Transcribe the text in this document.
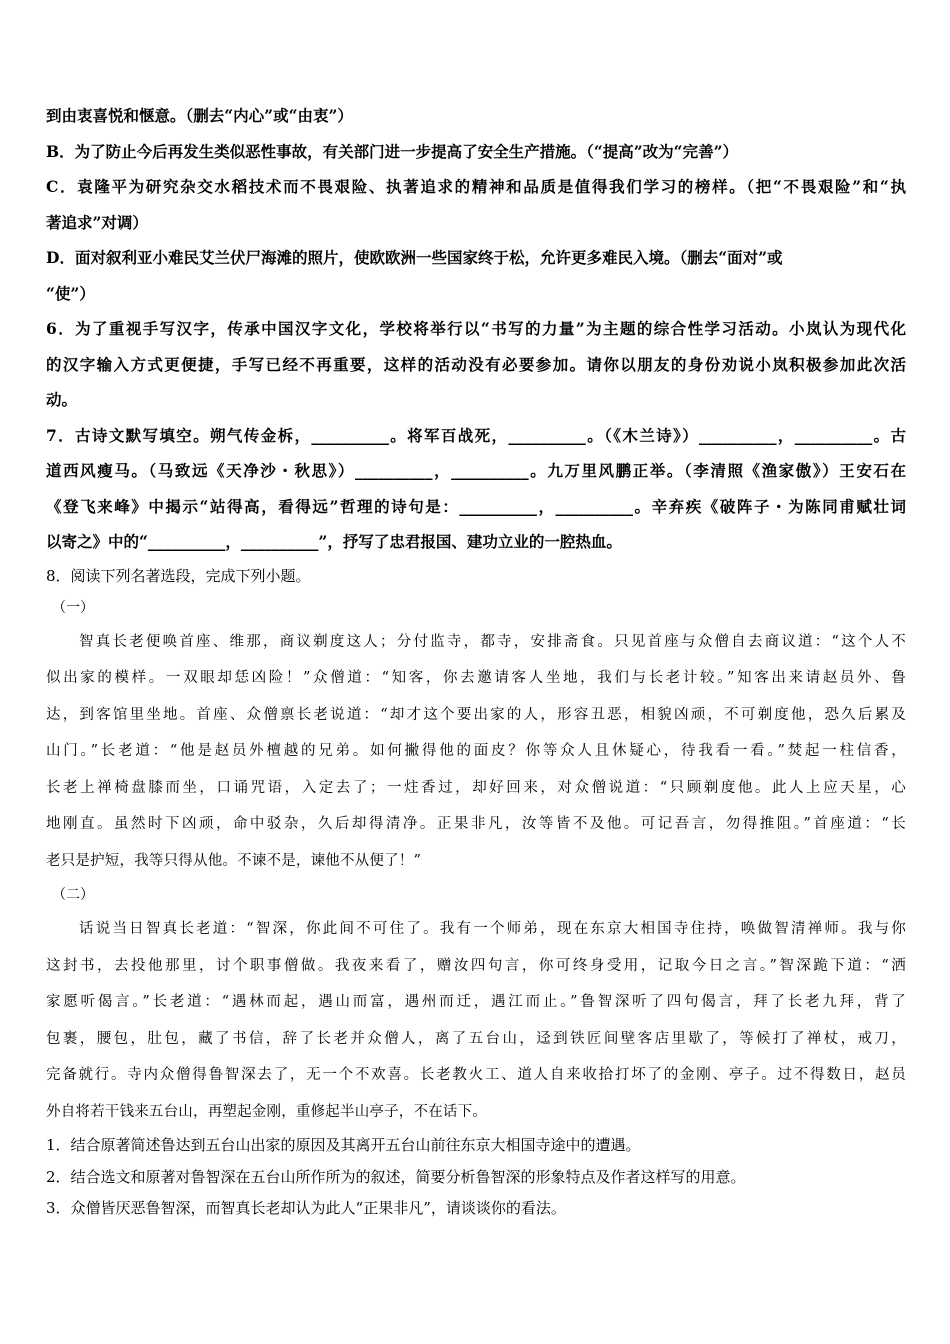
到由衷喜悦和惬意。（删去“内心”或“由衷”）
B．为了防止今后再发生类似恶性事故，有关部门进一步提高了安全生产措施。（“提高”改为“完善”）
C．袁隆平为研究杂交水稻技术而不畏艰险、执著追求的精神和品质是值得我们学习的榜样。（把“不畏艰险”和“执
著追求”对调）
D．面对叙利亚小难民艾兰伏尸海滩的照片，使欧欧洲一些国家终于松，允许更多难民入境。（删去“面对”或
“使”）
6．为了重视手写汉字，传承中国汉字文化，学校将举行以“书写的力量”为主题的综合性学习活动。小岚认为现代化
的汉字输入方式更便捷，手写已经不再重要，这样的活动没有必要参加。请你以朋友的身份劝说小岚积极参加此次活
动。
7．古诗文默写填空。朔气传金柝，__________。将军百战死，__________。（《木兰诗》）__________，__________。古
道西风瘦马。（马致远《天净沙・秋思》）__________，__________。九万里风鹏正举。（李清照《渔家傲》）王安石在
《登飞来峰》中揭示“站得高，看得远”哲理的诗句是：__________，__________。辛弃疾《破阵子・为陈同甫赋壮词
以寄之》中的“__________，__________”，抒写了忠君报国、建功立业的一腔热血。
8．阅读下列名著选段，完成下列小题。
（一）
智真长老便唤首座、维那，商议剃度这人；分付监寺，都寺，安排斋食。只见首座与众僧自去商议道：“这个人不
似出家的模样。一双眼却恁凶险！”众僧道：“知客，你去邀请客人坐地，我们与长老计较。”知客出来请赵员外、鲁
达，到客馆里坐地。首座、众僧禀长老说道：“却才这个要出家的人，形容丑恶，相貌凶顽，不可剃度他，恐久后累及
山门。”长老道：“他是赵员外檀越的兄弟。如何撇得他的面皮？你等众人且休疑心，待我看一看。”焚起一柱信香，
长老上禅椅盘膝而坐，口诵咒语，入定去了；一炷香过，却好回来，对众僧说道：“只顾剃度他。此人上应天星，心
地刚直。虽然时下凶顽，命中驳杂，久后却得清净。正果非凡，汝等皆不及他。可记吾言，勿得推阻。”首座道：“长
老只是护短，我等只得从他。不谏不是，谏他不从便了！”
（二）
话说当日智真长老道：“智深，你此间不可住了。我有一个师弟，现在东京大相国寺住持，唤做智清禅师。我与你
这封书，去投他那里，讨个职事僧做。我夜来看了，赠汝四句言，你可终身受用，记取今日之言。”智深跪下道：“洒
家愿听偈言。”长老道：“遇林而起，遇山而富，遇州而迁，遇江而止。”鲁智深听了四句偈言，拜了长老九拜，背了
包裹，腰包，肚包，藏了书信，辞了长老并众僧人，离了五台山，迳到铁匠间壁客店里歇了，等候打了禅杖，戒刀，
完备就行。寺内众僧得鲁智深去了，无一个不欢喜。长老教火工、道人自来收拾打坏了的金刚、亭子。过不得数日，赵员
外自将若干钱来五台山，再塑起金刚，重修起半山亭子，不在话下。
1．结合原著简述鲁达到五台山出家的原因及其离开五台山前往东京大相国寺途中的遭遇。
2．结合选文和原著对鲁智深在五台山所作所为的叙述，简要分析鲁智深的形象特点及作者这样写的用意。
3．众僧皆厌恶鲁智深，而智真长老却认为此人“正果非凡”，请谈谈你的看法。
